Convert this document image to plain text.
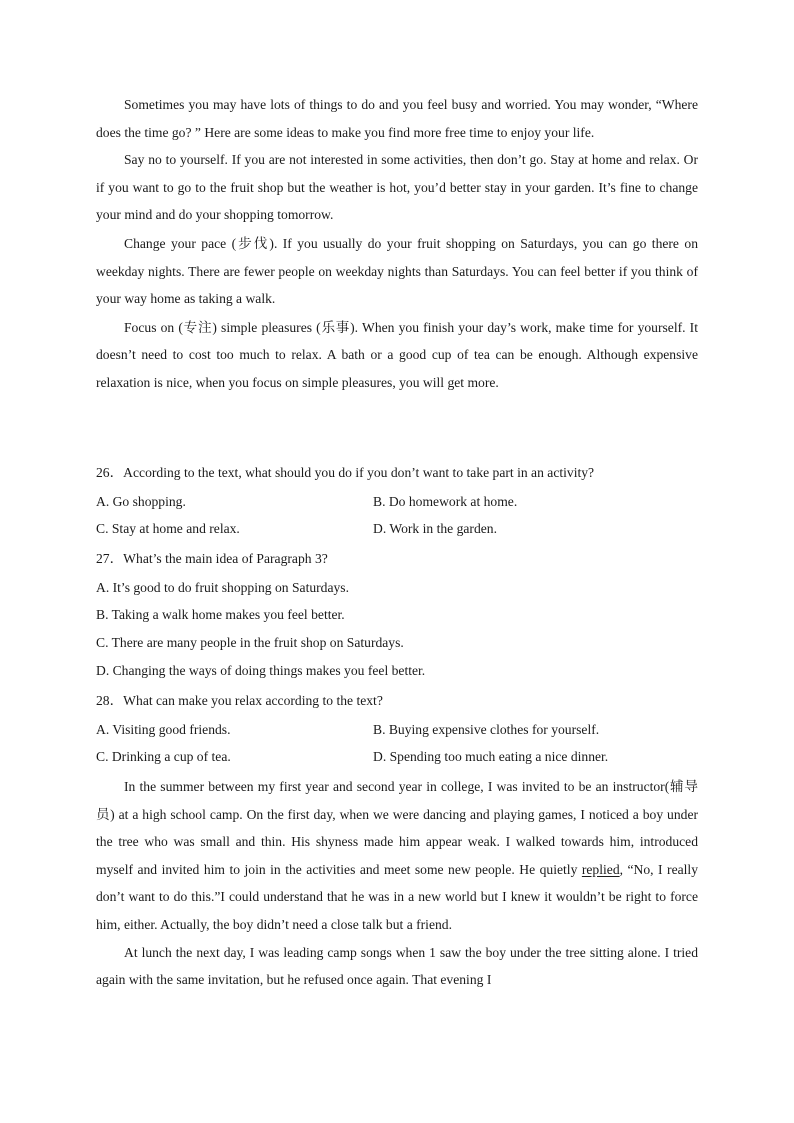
Sometimes you may have lots of things to do and you feel busy and worried. You may wonder, “Where does the time go? ” Here are some ideas to make you find more free time to enjoy your life.

Say no to yourself. If you are not interested in some activities, then don’t go. Stay at home and relax. Or if you want to go to the fruit shop but the weather is hot, you’d better stay in your garden. It’s fine to change your mind and do your shopping tomorrow.

Change your pace (步伐). If you usually do your fruit shopping on Saturdays, you can go there on weekday nights. There are fewer people on weekday nights than Saturdays. You can feel better if you think of your way home as taking a walk.

Focus on (专注) simple pleasures (乐事). When you finish your day’s work, make time for yourself. It doesn’t need to cost too much to relax. A bath or a good cup of tea can be enough. Although expensive relaxation is nice, when you focus on simple pleasures, you will get more.

26．According to the text, what should you do if you don’t want to take part in an activity?

A. Go shopping.	B. Do homework at home.
C. Stay at home and relax.	D. Work in the garden.

27．What’s the main idea of Paragraph 3?

A. It’s good to do fruit shopping on Saturdays.
B. Taking a walk home makes you feel better.
C. There are many people in the fruit shop on Saturdays.
D. Changing the ways of doing things makes you feel better.

28．What can make you relax according to the text?

A. Visiting good friends.	B. Buying expensive clothes for yourself.
C. Drinking a cup of tea.	D. Spending too much eating a nice dinner.

In the summer between my first year and second year in college, I was invited to be an instructor(辅导员) at a high school camp. On the first day, when we were dancing and playing games, I noticed a boy under the tree who was small and thin. His shyness made him appear weak. I walked towards him, introduced myself and invited him to join in the activities and meet some new people. He quietly replied, “No, I really don’t want to do this.”I could understand that he was in a new world but I knew it wouldn’t be right to force him, either. Actually, the boy didn’t need a close talk but a friend.

At lunch the next day, I was leading camp songs when 1 saw the boy under the tree sitting alone. I tried again with the same invitation, but he refused once again. That evening I
